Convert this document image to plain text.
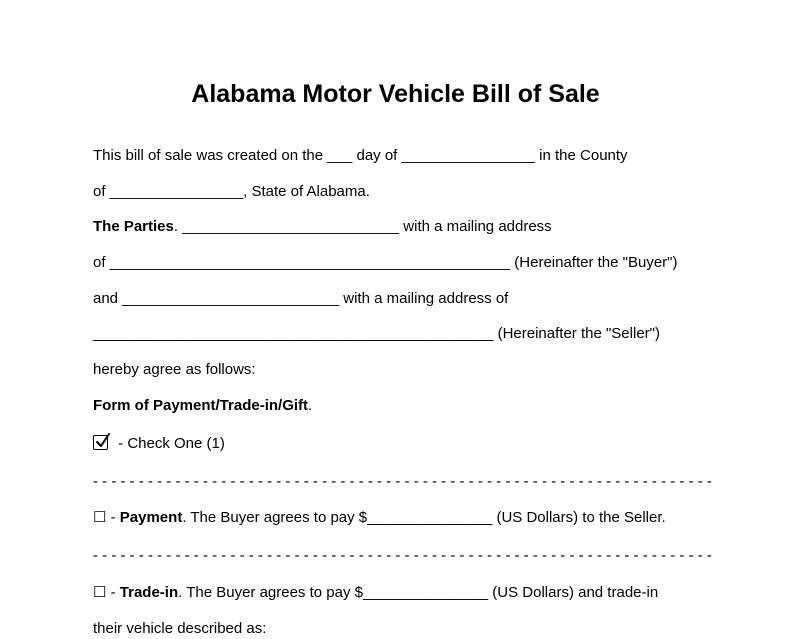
Alabama Motor Vehicle Bill of Sale
This bill of sale was created on the ___ day of ________________ in the County
of ________________, State of Alabama.
The Parties. __________________________ with a mailing address
of ________________________________________________ (Hereinafter the "Buyer")
and __________________________ with a mailing address of
________________________________________________ (Hereinafter the "Seller")
hereby agree as follows:
Form of Payment/Trade-in/Gift.
- Check One (1)
- - - - - - - - - - - - - - - - - - - - - - - - - - - - - - - - - - - - - - - - - - - - - - - - - - - - - - - - - - - - - - - - - - - -
☐ - Payment. The Buyer agrees to pay $_______________ (US Dollars) to the Seller.
- - - - - - - - - - - - - - - - - - - - - - - - - - - - - - - - - - - - - - - - - - - - - - - - - - - - - - - - - - - - - - - - - - - -
☐ - Trade-in. The Buyer agrees to pay $_______________ (US Dollars) and trade-in
their vehicle described as:
